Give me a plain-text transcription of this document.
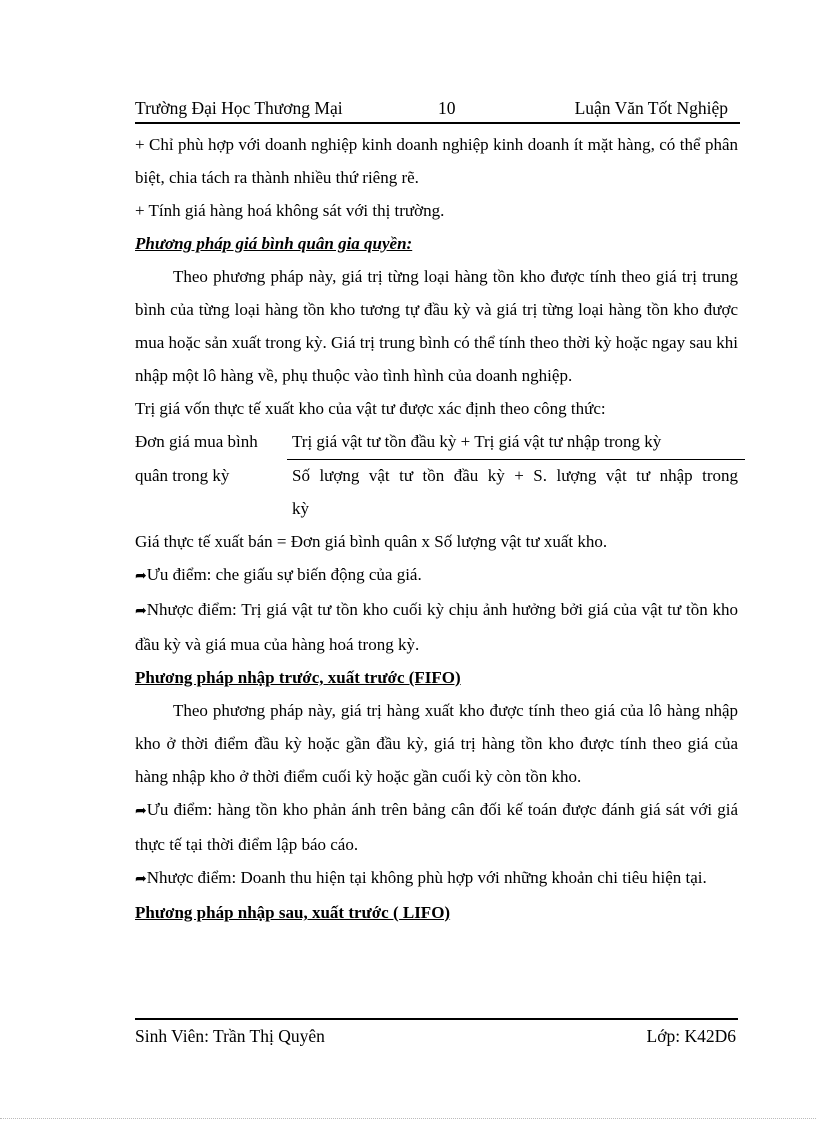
Trường Đại Học Thương Mại	10	Luận Văn Tốt Nghiệp

+ Chỉ phù hợp với doanh nghiệp kinh doanh nghiệp kinh doanh ít mặt hàng, có thể phân biệt, chia tách ra thành nhiều thứ riêng rẽ.

+ Tính giá hàng hoá không sát với thị trường.

Phương pháp giá bình quân gia quyền:

Theo phương pháp này, giá trị từng loại hàng tồn kho được tính theo giá trị trung bình của từng loại hàng tồn kho tương tự đầu kỳ và giá trị từng loại hàng tồn kho được mua hoặc sản xuất trong kỳ. Giá trị trung bình có thể tính theo thời kỳ hoặc ngay sau khi nhập một lô hàng về, phụ thuộc vào tình hình của doanh nghiệp.

Trị giá vốn thực tế xuất kho của vật tư được xác định theo công thức:

Đơn giá mua bình
quân trong kỳ
Trị giá vật tư tồn đầu kỳ + Trị giá vật tư nhập trong kỳ
Số lượng vật tư tồn đầu kỳ + S. lượng vật tư nhập trong
kỳ

Giá thực tế xuất bán = Đơn giá bình quân x Số lượng vật tư xuất kho.

➦Ưu điểm: che giấu sự biến động của giá.

➦Nhược điểm: Trị giá vật tư tồn kho cuối kỳ chịu ảnh hưởng bởi giá của vật tư tồn kho đầu kỳ và giá mua của hàng hoá trong kỳ.

Phương pháp nhập trước, xuất trước (FIFO)

Theo phương pháp này, giá trị hàng xuất kho được tính theo giá của lô hàng nhập kho ở thời điểm đầu kỳ hoặc gần đầu kỳ, giá trị hàng tồn kho được tính theo giá của hàng nhập kho ở thời điểm cuối kỳ hoặc gần cuối kỳ còn tồn kho.

➦Ưu điểm: hàng tồn kho phản ánh trên bảng cân đối kế toán được đánh giá sát với giá thực tế tại thời điểm lập báo cáo.

➦Nhược điểm: Doanh thu hiện tại không phù hợp với những khoản chi tiêu hiện tại.

Phương pháp nhập sau, xuất trước ( LIFO)

Sinh Viên: Trần Thị Quyên	Lớp: K42D6
